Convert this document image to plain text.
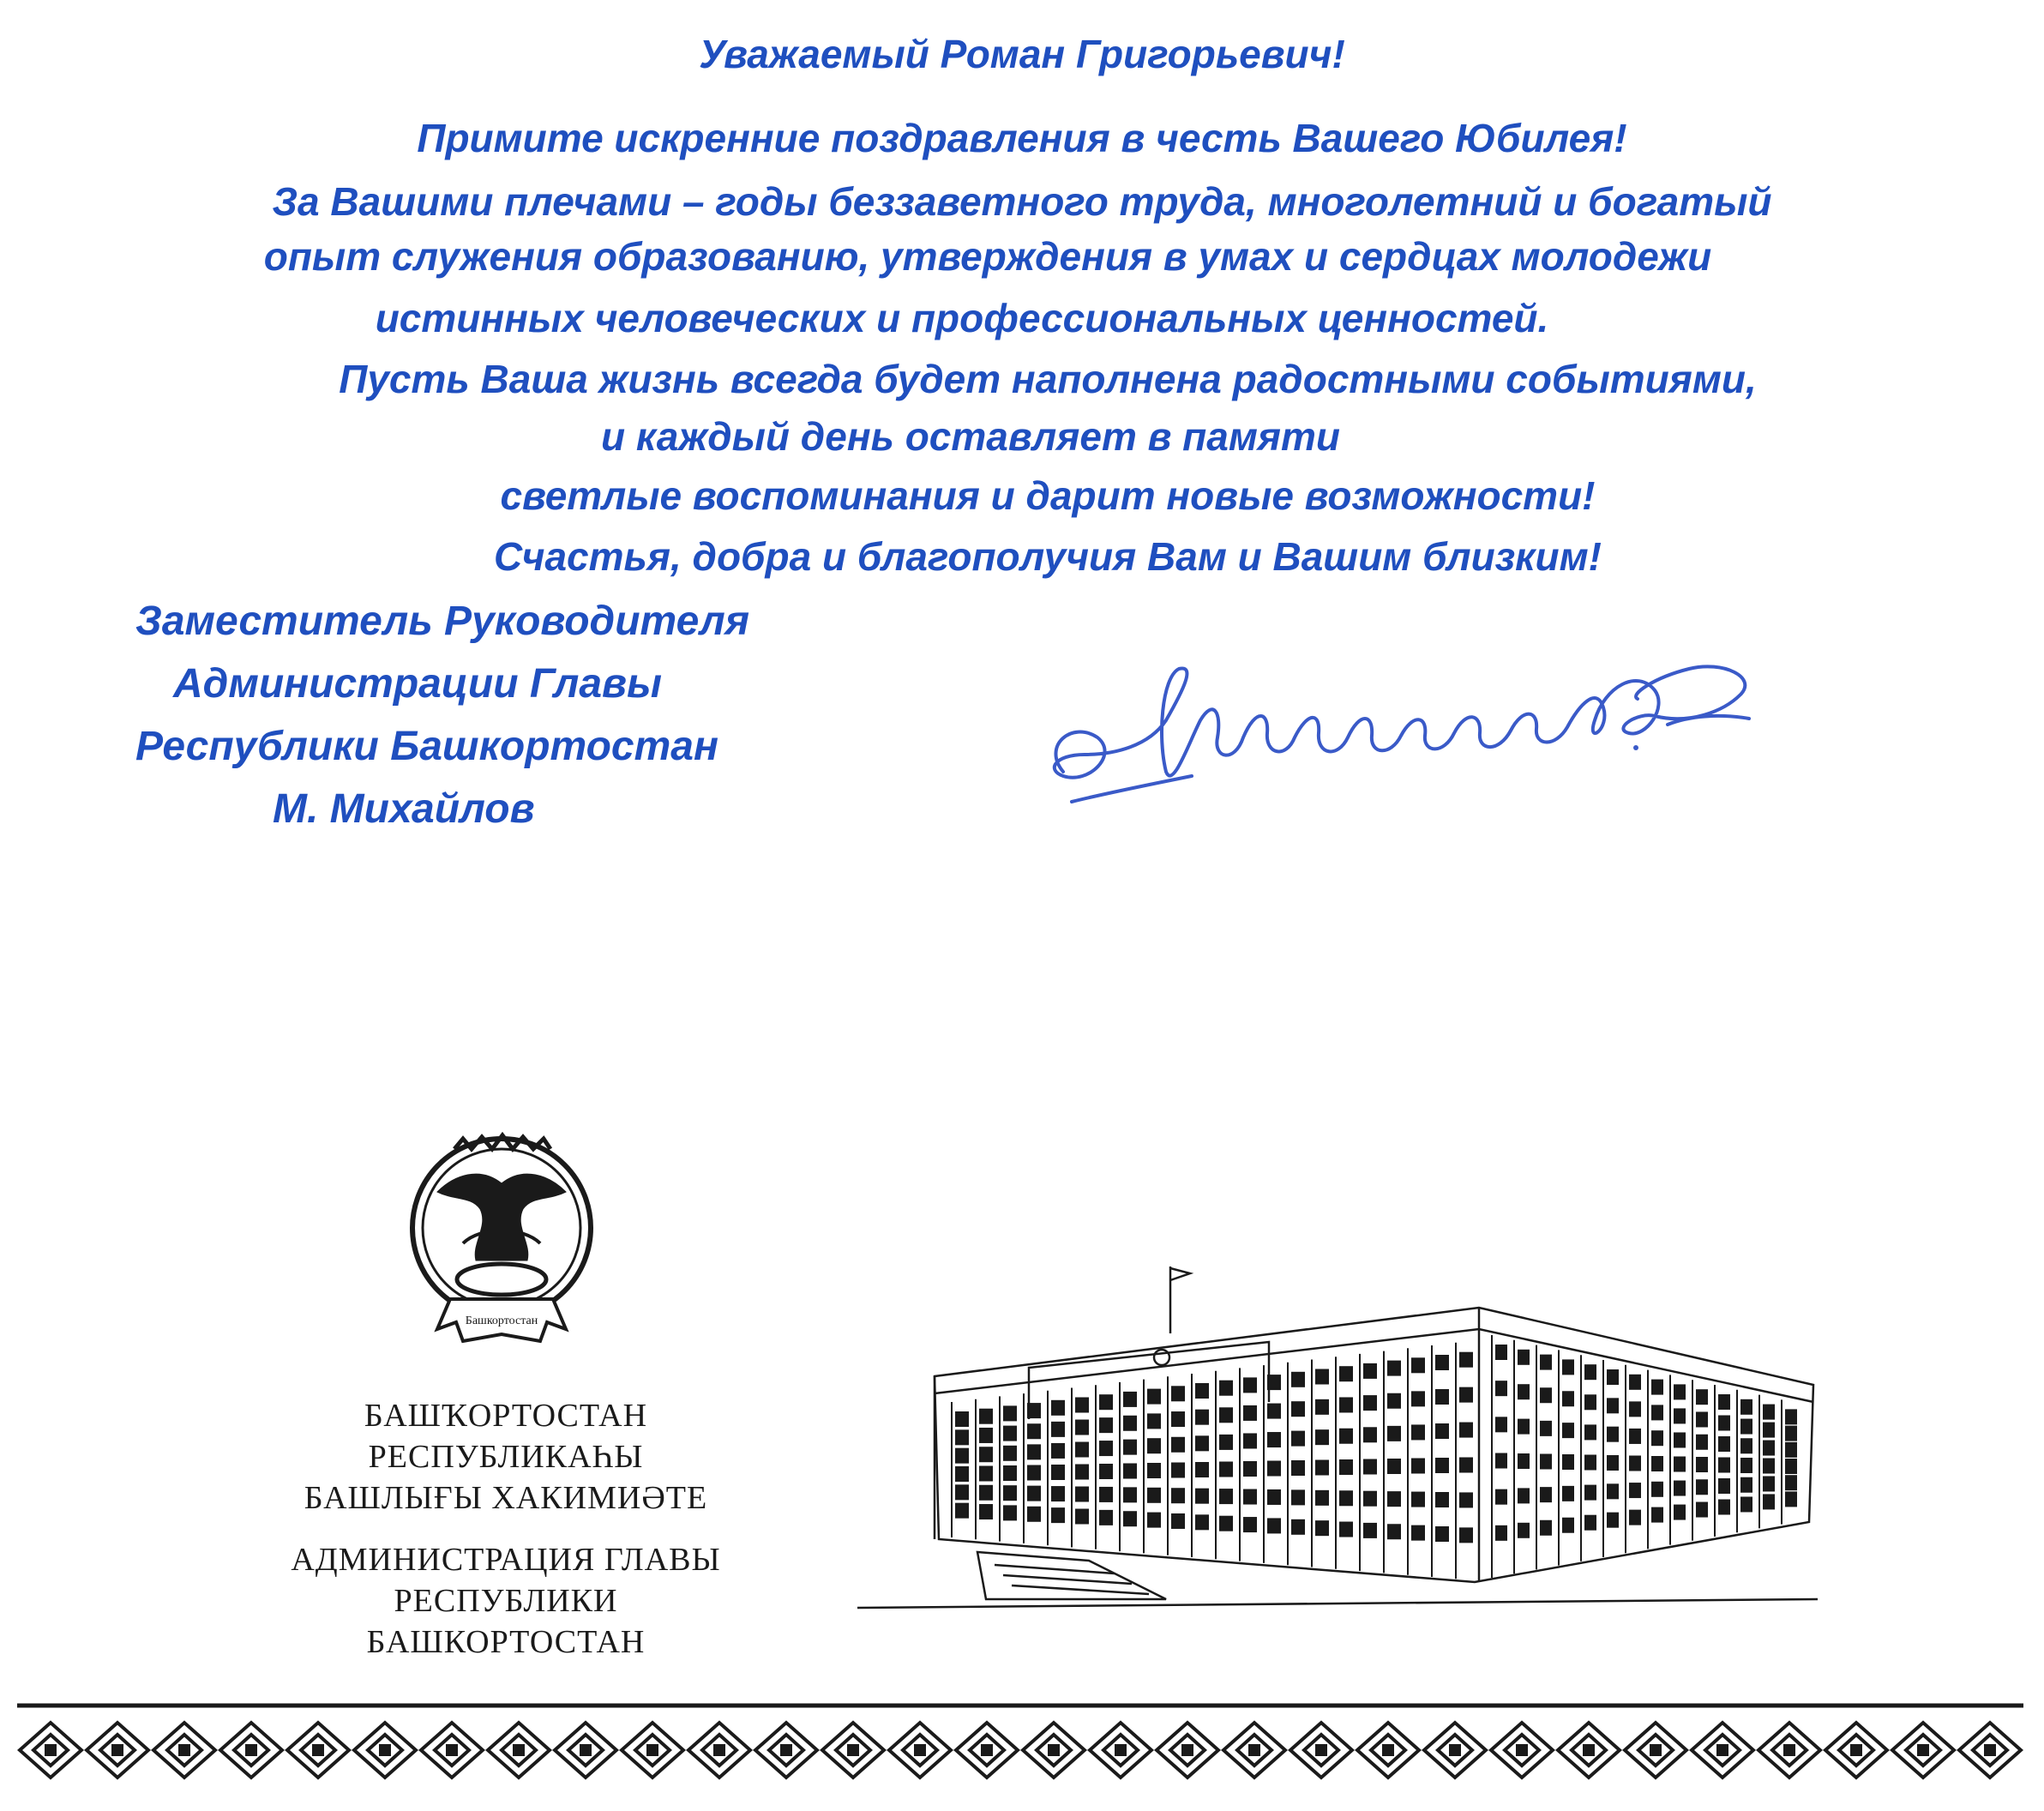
Уважаемый Роман Григорьевич!
Примите искренние поздравления в честь Вашего Юбилея!
За Вашими плечами – годы беззаветного труда, многолетний и богатый
опыт служения образованию, утверждения в умах и сердцах молодежи
истинных человеческих и профессиональных ценностей.
Пусть Ваша жизнь всегда будет наполнена радостными событиями,
и каждый день оставляет в памяти
светлые воспоминания и дарит новые возможности!
Счастья, добра и благополучия Вам и Вашим близким!
Заместитель Руководителя
Администрации Главы
Республики Башкортостан
М. Михайлов
Башкортостан
БАШҠОРТОСТАН
РЕСПУБЛИКАҺЫ
БАШЛЫҒЫ ХАКИМИӘТЕ
АДМИНИСТРАЦИЯ ГЛАВЫ
РЕСПУБЛИКИ
БАШКОРТОСТАН
